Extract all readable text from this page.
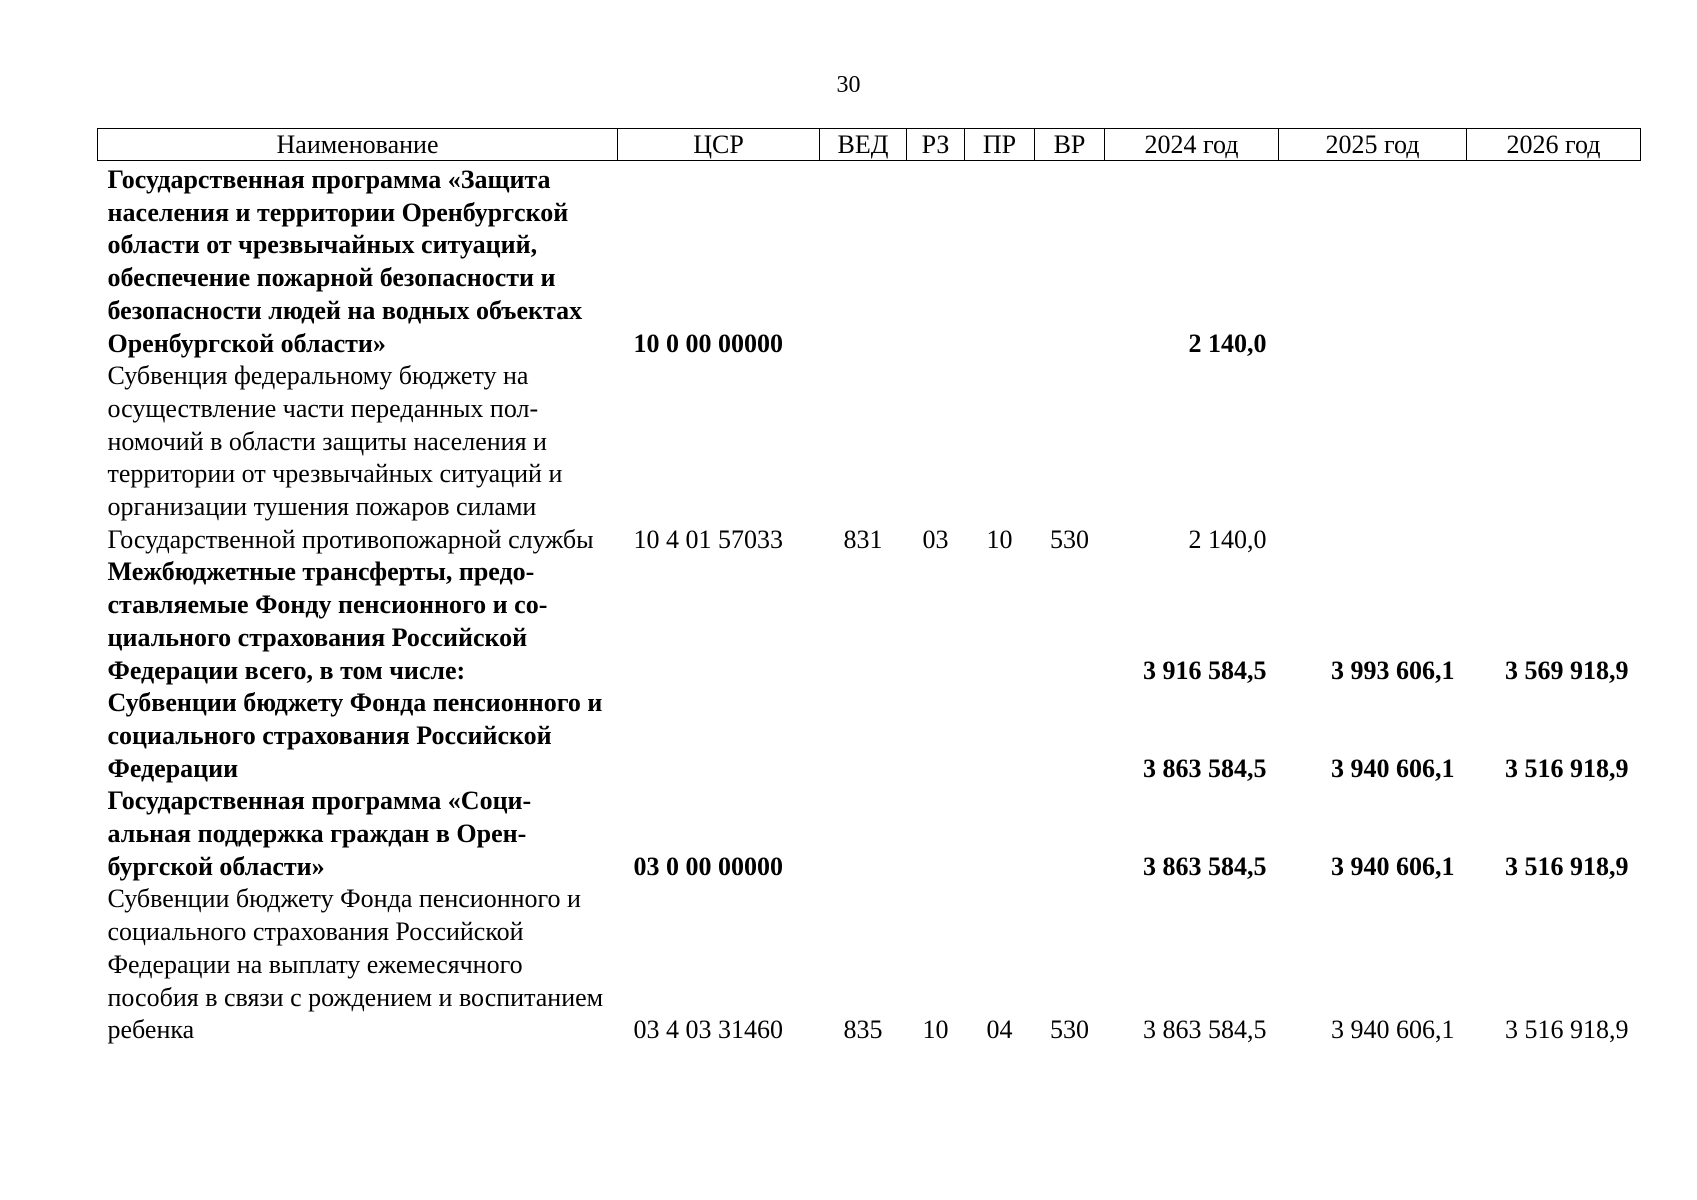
30
Наименование	ЦСР	ВЕД	РЗ	ПР	ВР	2024 год	2025 год	2026 год
Государственная программа «Защита населения и территории Оренбургской области от чрезвычайных ситуаций, обеспечение пожарной безопасности и безопасности людей на водных объектах Оренбургской области»	10 0 00 00000					2 140,0		
Субвенция федеральному бюджету на осуществление части переданных полномочий в области защиты населения и территории от чрезвычайных ситуаций и организации тушения пожаров силами Государственной противопожарной службы	10 4 01 57033	831	03	10	530	2 140,0		
Межбюджетные трансферты, предоставляемые Фонду пенсионного и социального страхования Российской Федерации всего, в том числе:						3 916 584,5	3 993 606,1	3 569 918,9
Субвенции бюджету Фонда пенсионного и социального страхования Российской Федерации						3 863 584,5	3 940 606,1	3 516 918,9
Государственная программа «Социальная поддержка граждан в Оренбургской области»	03 0 00 00000					3 863 584,5	3 940 606,1	3 516 918,9
Субвенции бюджету Фонда пенсионного и социального страхования Российской Федерации на выплату ежемесячного пособия в связи с рождением и воспитанием ребенка	03 4 03 31460	835	10	04	530	3 863 584,5	3 940 606,1	3 516 918,9
